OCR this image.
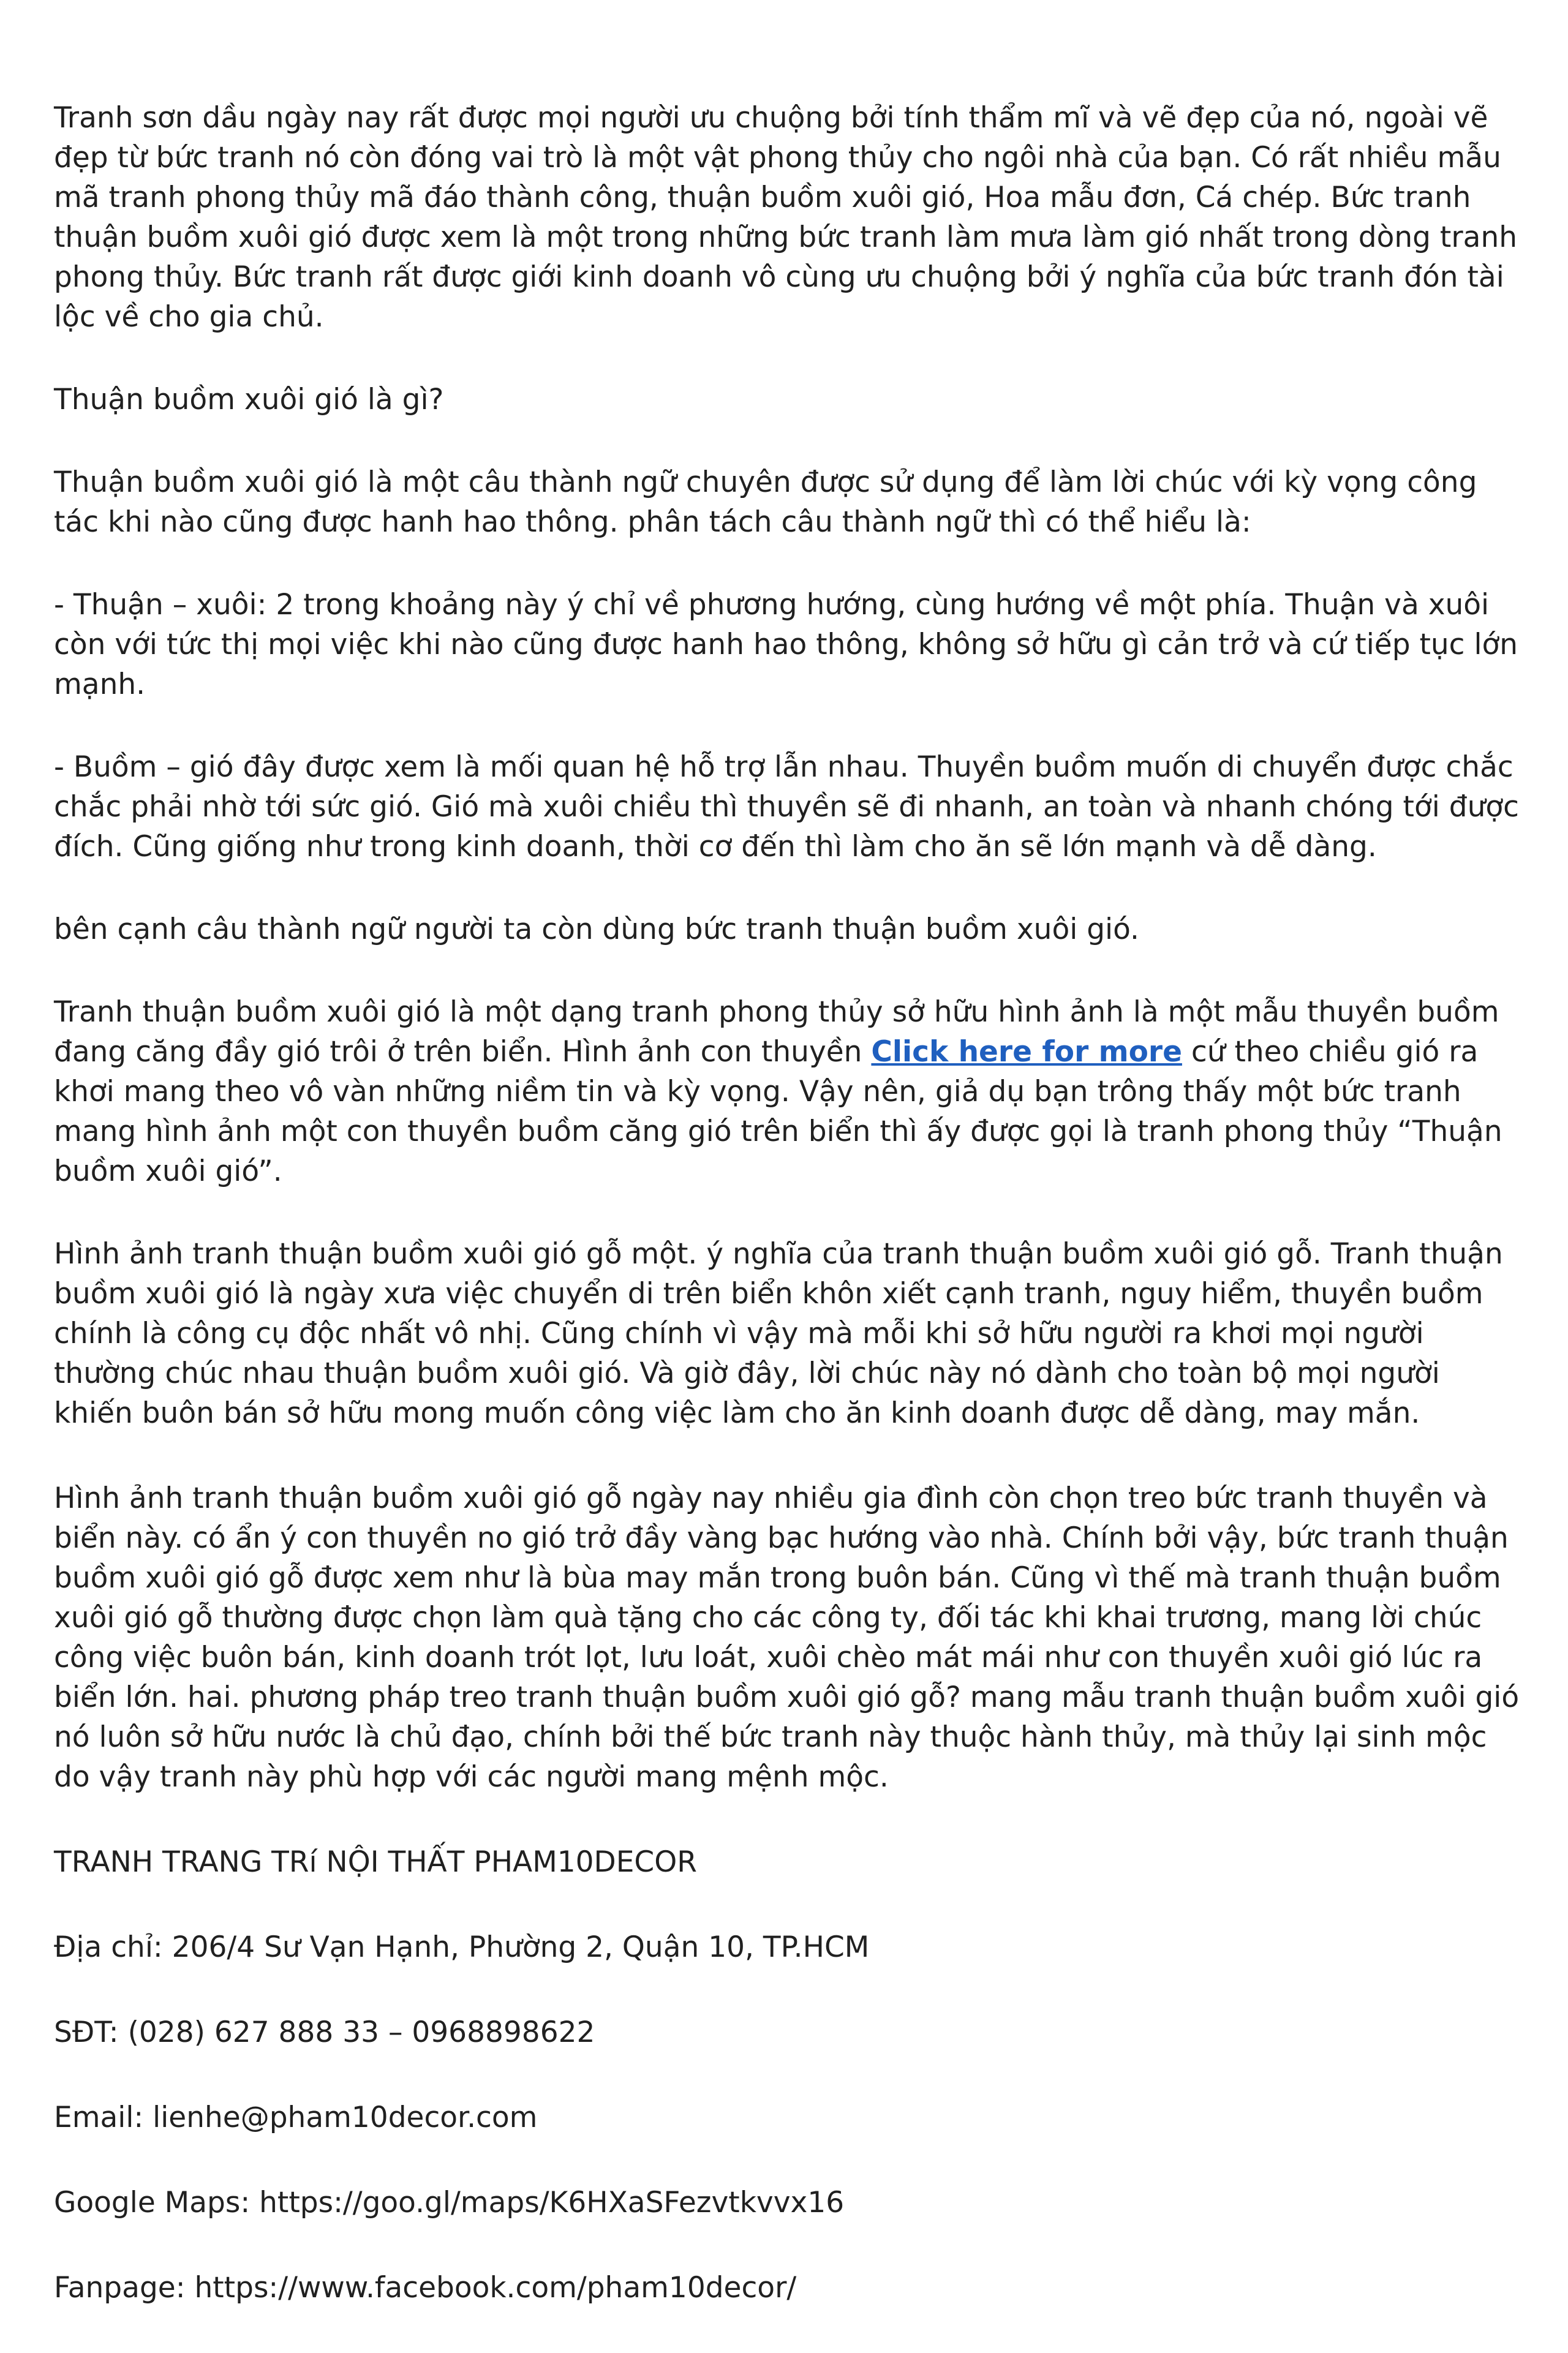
Tranh sơn dầu ngày nay rất được mọi người ưu chuộng bởi tính thẩm mĩ và vẽ đẹp của nó, ngoài vẽ đẹp từ bức tranh nó còn đóng vai trò là một vật phong thủy cho ngôi nhà của bạn. Có rất nhiều mẫu mã tranh phong thủy mã đáo thành công, thuận buồm xuôi gió, Hoa mẫu đơn, Cá chép. Bức tranh thuận buồm xuôi gió được xem là một trong những bức tranh làm mưa làm gió nhất trong dòng tranh phong thủy. Bức tranh rất được giới kinh doanh vô cùng ưu chuộng bởi ý nghĩa của bức tranh đón tài lộc về cho gia chủ.

Thuận buồm xuôi gió là gì?

Thuận buồm xuôi gió là một câu thành ngữ chuyên được sử dụng để làm lời chúc với kỳ vọng công tác khi nào cũng được hanh hao thông. phân tách câu thành ngữ thì có thể hiểu là:

- Thuận – xuôi: 2 trong khoảng này ý chỉ về phương hướng, cùng hướng về một phía. Thuận và xuôi còn với tức thị mọi việc khi nào cũng được hanh hao thông, không sở hữu gì cản trở và cứ tiếp tục lớn mạnh.

- Buồm – gió đây được xem là mối quan hệ hỗ trợ lẫn nhau. Thuyền buồm muốn di chuyển được chắc chắc phải nhờ tới sức gió. Gió mà xuôi chiều thì thuyền sẽ đi nhanh, an toàn và nhanh chóng tới được đích. Cũng giống như trong kinh doanh, thời cơ đến thì làm cho ăn sẽ lớn mạnh và dễ dàng.

bên cạnh câu thành ngữ người ta còn dùng bức tranh thuận buồm xuôi gió.

Tranh thuận buồm xuôi gió là một dạng tranh phong thủy sở hữu hình ảnh là một mẫu thuyền buồm đang căng đầy gió trôi ở trên biển. Hình ảnh con thuyền Click here for more cứ theo chiều gió ra khơi mang theo vô vàn những niềm tin và kỳ vọng. Vậy nên, giả dụ bạn trông thấy một bức tranh mang hình ảnh một con thuyền buồm căng gió trên biển thì ấy được gọi là tranh phong thủy “Thuận buồm xuôi gió”.

Hình ảnh tranh thuận buồm xuôi gió gỗ một. ý nghĩa của tranh thuận buồm xuôi gió gỗ. Tranh thuận buồm xuôi gió là ngày xưa việc chuyển di trên biển khôn xiết cạnh tranh, nguy hiểm, thuyền buồm chính là công cụ độc nhất vô nhị. Cũng chính vì vậy mà mỗi khi sở hữu người ra khơi mọi người thường chúc nhau thuận buồm xuôi gió. Và giờ đây, lời chúc này nó dành cho toàn bộ mọi người khiến buôn bán sở hữu mong muốn công việc làm cho ăn kinh doanh được dễ dàng, may mắn.

Hình ảnh tranh thuận buồm xuôi gió gỗ ngày nay nhiều gia đình còn chọn treo bức tranh thuyền và biển này. có ẩn ý con thuyền no gió trở đầy vàng bạc hướng vào nhà. Chính bởi vậy, bức tranh thuận buồm xuôi gió gỗ được xem như là bùa may mắn trong buôn bán. Cũng vì thế mà tranh thuận buồm xuôi gió gỗ thường được chọn làm quà tặng cho các công ty, đối tác khi khai trương, mang lời chúc công việc buôn bán, kinh doanh trót lọt, lưu loát, xuôi chèo mát mái như con thuyền xuôi gió lúc ra biển lớn. hai. phương pháp treo tranh thuận buồm xuôi gió gỗ? mang mẫu tranh thuận buồm xuôi gió nó luôn sở hữu nước là chủ đạo, chính bởi thế bức tranh này thuộc hành thủy, mà thủy lại sinh mộc do vậy tranh này phù hợp với các người mang mệnh mộc.

TRANH TRANG TRí NỘI THẤT PHAM10DECOR

Địa chỉ: 206/4 Sư Vạn Hạnh, Phường 2, Quận 10, TP.HCM

SĐT: (028) 627 888 33 – 0968898622

Email: lienhe@pham10decor.com

Google Maps: https://goo.gl/maps/K6HXaSFezvtkvvx16

Fanpage: https://www.facebook.com/pham10decor/
